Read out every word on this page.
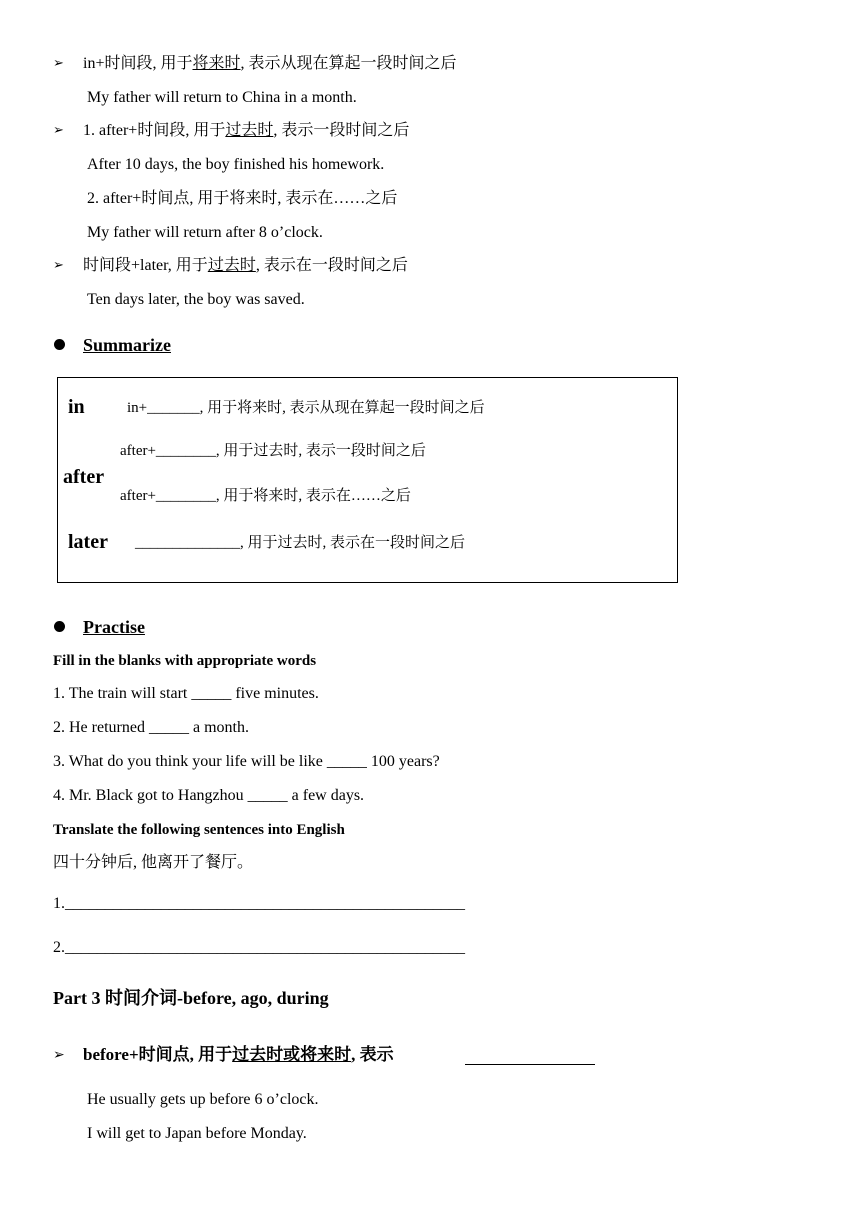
➢ in+时间段, 用于将来时, 表示从现在算起一段时间之后
My father will return to China in a month.
➢ 1. after+时间段, 用于过去时, 表示一段时间之后
After 10 days, the boy finished his homework.
2. after+时间点, 用于将来时, 表示在……之后
My father will return after 8 o’clock.
➢ 时间段+later, 用于过去时, 表示在一段时间之后
Ten days later, the boy was saved.
Summarize
in	in+_______, 用于将来时, 表示从现在算起一段时间之后
after+________, 用于过去时, 表示一段时间之后
after
after+________, 用于将来时, 表示在……之后
later ______________, 用于过去时, 表示在一段时间之后
Practise
Fill in the blanks with appropriate words
1. The train will start _____ five minutes.
2. He returned _____ a month.
3. What do you think your life will be like _____ 100 years?
4. Mr. Black got to Hangzhou _____ a few days.
Translate the following sentences into English
四十分钟后, 他离开了餐厅。
1.__________________________________________________
2.__________________________________________________
Part 3 时间介词-before, ago, during
➢ before+时间点, 用于过去时或将来时, 表示
He usually gets up before 6 o’clock.
I will get to Japan before Monday.
